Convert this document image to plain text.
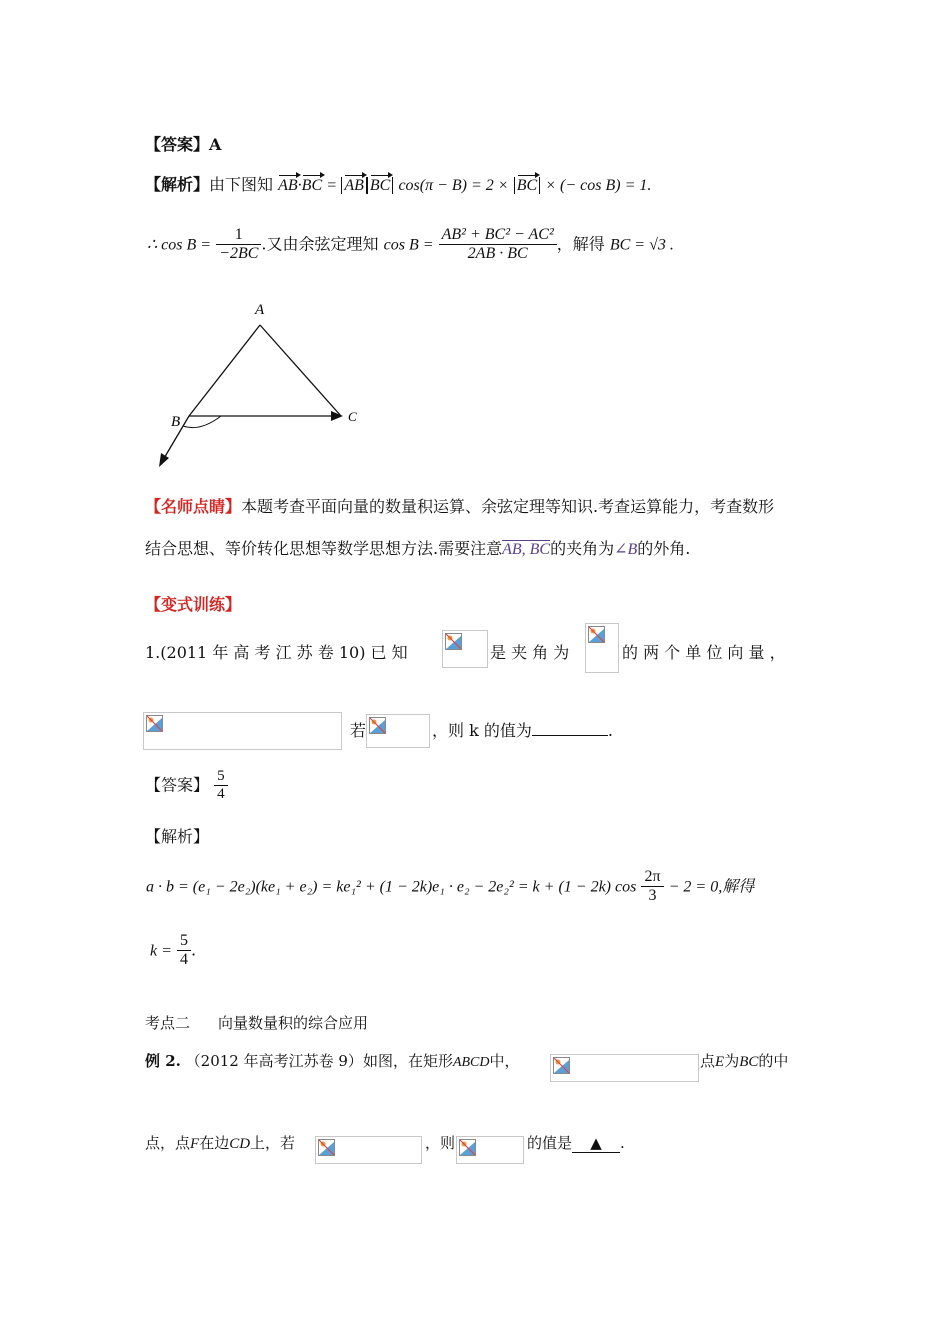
【答案】A
【解析】由下图知 AB·BC = AB BC cos(π − B) = 2 × BC × (− cos B) = 1.
∴ $\cos B = \frac{1}{-2BC}$ .又由余弦定理知 $\cos B = \frac{\text{AB² + BC² − AC²}}{2AB \cdot BC}$ ，解得 BC = √3 .
A
B	C
【名师点睛】本题考查平面向量的数量积运算、余弦定理等知识.考查运算能力，考查数形
结合思想、等价转化思想等数学思想方法.需要注意AB, BC的夹角为∠B的外角.
【变式训练】
1.(2011 年 高 考 江 苏 卷 10) 已 知	是 夹 角 为	的 两 个 单 位 向 量 ，
若	，则 k 的值为	.
【答案】 $\frac{5}{4}$
【解析】
a · b = (e₁ − 2e₂)(ke₁ + e₂) = ke₁² + (1 − 2k)e₁ · e₂ − 2e₂² = k + (1 − 2k) $\cos \frac{2\pi}{3} - 2 = 0$,解得
$k = \frac{5}{4}$ .
考点二 向量数量积的综合应用
例 2. （2012 年高考江苏卷 9）如图，在矩形ABCD中，	点E为BC的中
点，点F在边CD上，若	，则	的值是 ▲ .
